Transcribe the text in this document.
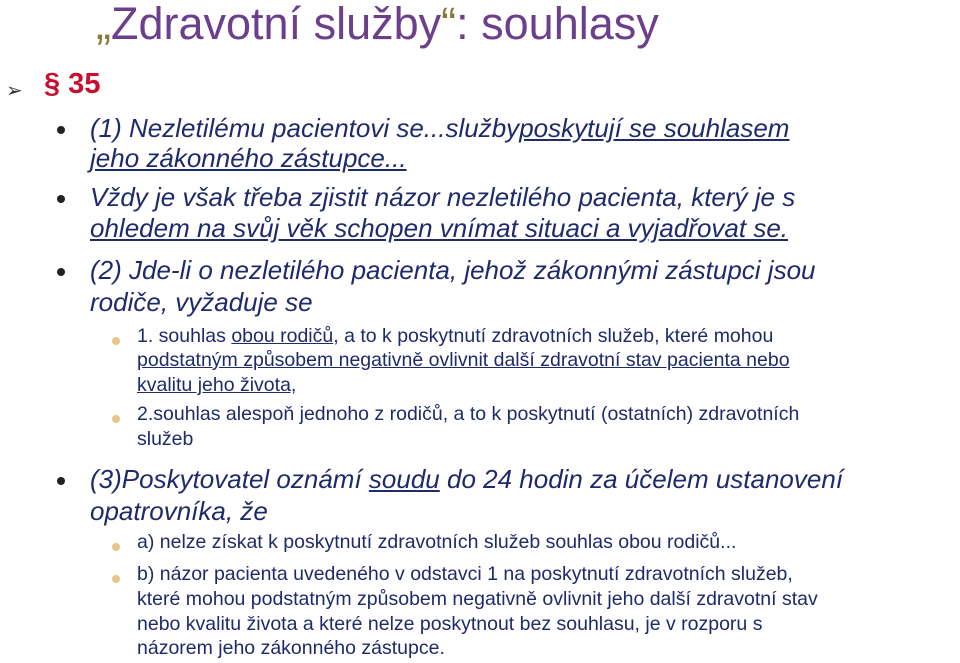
„Zdravotní služby“: souhlasy
➢ § 35
(1) Nezletilému pacientovi se...službyposkytují se souhlasem
jeho zákonného zástupce...
Vždy je však třeba zjistit názor nezletilého pacienta, který je s
ohledem na svůj věk schopen vnímat situaci a vyjadřovat se.
(2) Jde-li o nezletilého pacienta, jehož zákonnými zástupci jsou
rodiče, vyžaduje se
1. souhlas obou rodičů, a to k poskytnutí zdravotních služeb, které mohou
podstatným způsobem negativně ovlivnit další zdravotní stav pacienta nebo
kvalitu jeho života,
2.souhlas alespoň jednoho z rodičů, a to k poskytnutí (ostatních) zdravotních
služeb
(3)Poskytovatel oznámí soudu do 24 hodin za účelem ustanovení
opatrovníka, že
a) nelze získat k poskytnutí zdravotních služeb souhlas obou rodičů...
b) názor pacienta uvedeného v odstavci 1 na poskytnutí zdravotních služeb,
které mohou podstatným způsobem negativně ovlivnit jeho další zdravotní stav
nebo kvalitu života a které nelze poskytnout bez souhlasu, je v rozporu s
názorem jeho zákonného zástupce.
